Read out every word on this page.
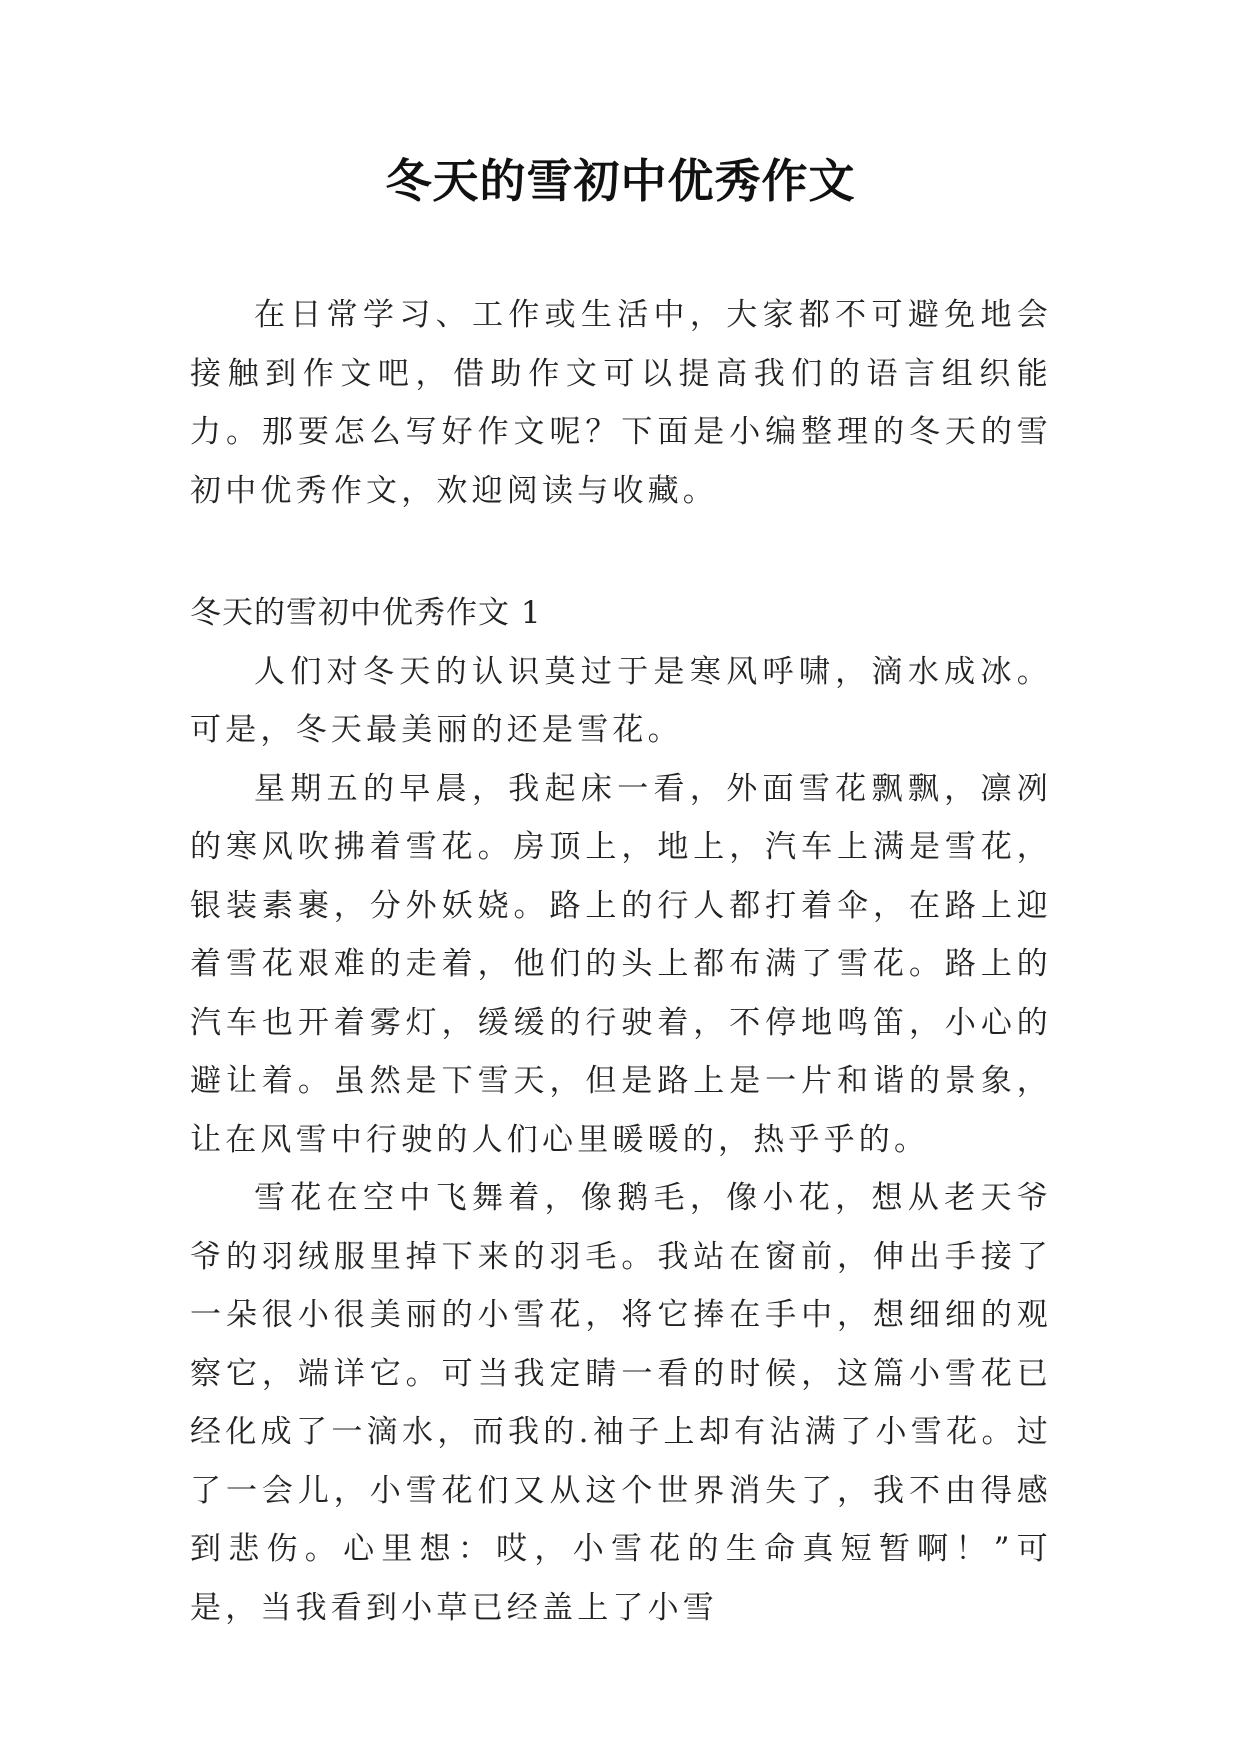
冬天的雪初中优秀作文

在日常学习、工作或生活中，大家都不可避免地会接触到作文吧，借助作文可以提高我们的语言组织能力。那要怎么写好作文呢？下面是小编整理的冬天的雪初中优秀作文，欢迎阅读与收藏。

冬天的雪初中优秀作文 1

人们对冬天的认识莫过于是寒风呼啸，滴水成冰。可是，冬天最美丽的还是雪花。

星期五的早晨，我起床一看，外面雪花飘飘，凛冽的寒风吹拂着雪花。房顶上，地上，汽车上满是雪花，银装素裹，分外妖娆。路上的行人都打着伞，在路上迎着雪花艰难的走着，他们的头上都布满了雪花。路上的汽车也开着雾灯，缓缓的行驶着，不停地鸣笛，小心的避让着。虽然是下雪天，但是路上是一片和谐的景象，让在风雪中行驶的人们心里暖暖的，热乎乎的。

雪花在空中飞舞着，像鹅毛，像小花，想从老天爷爷的羽绒服里掉下来的羽毛。我站在窗前，伸出手接了一朵很小很美丽的小雪花，将它捧在手中，想细细的观察它，端详它。可当我定睛一看的时候，这篇小雪花已经化成了一滴水，而我的.袖子上却有沾满了小雪花。过了一会儿，小雪花们又从这个世界消失了，我不由得感到悲伤。心里想：哎，小雪花的生命真短暂啊！”可是，当我看到小草已经盖上了小雪
